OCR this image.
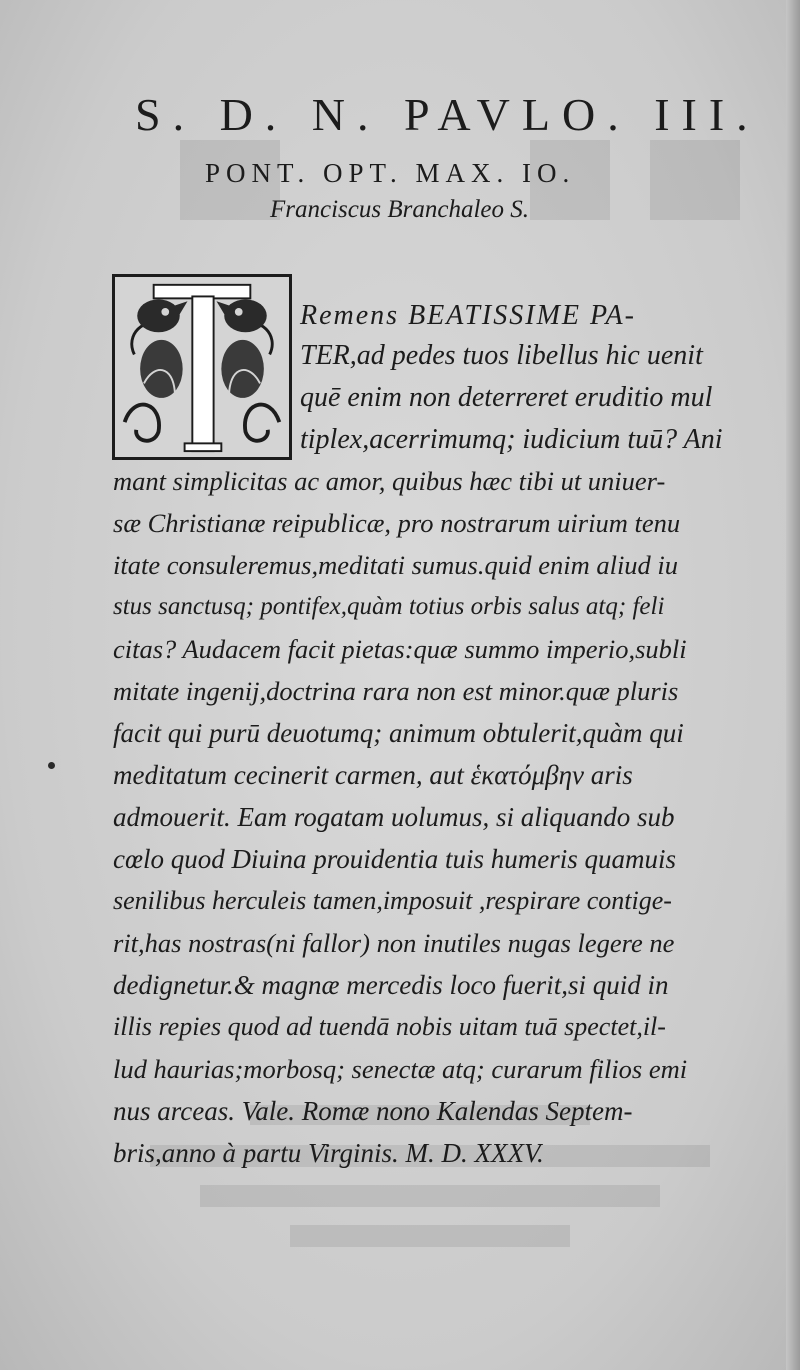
S. D. N. PAVLO. III.
PONT. OPT. MAX. IO.
Franciscus Branchaleo S.
Remens BEATISSIME PA-
TER,ad pedes tuos libellus hic uenit
quē enim non deterreret eruditio mul
tiplex,acerrimumq; iudicium tuū? Ani
mant simplicitas ac amor, quibus hæc tibi ut uniuer-
sæ Christianæ reipublicæ, pro nostrarum uirium tenu
itate consuleremus,meditati sumus.quid enim aliud iu
stus sanctusq; pontifex,quàm totius orbis salus atq; feli
citas? Audacem facit pietas:quæ summo imperio,subli
mitate ingenij,doctrina rara non est minor.quæ pluris
facit qui purū deuotumq; animum obtulerit,quàm qui
meditatum cecinerit carmen, aut ἑκατόμβην aris
admouerit. Eam rogatam uolumus, si aliquando sub
cœlo quod Diuina prouidentia tuis humeris quamuis
senilibus herculeis tamen,imposuit ,respirare contige-
rit,has nostras(ni fallor) non inutiles nugas legere ne
dedignetur.& magnæ mercedis loco fuerit,si quid in
illis repies quod ad tuendā nobis uitam tuā spectet,il-
lud haurias;morbosq; senectæ atq; curarum filios emi
nus arceas. Vale. Romæ nono Kalendas Septem-
bris,anno à partu Virginis. M. D. XXXV.
